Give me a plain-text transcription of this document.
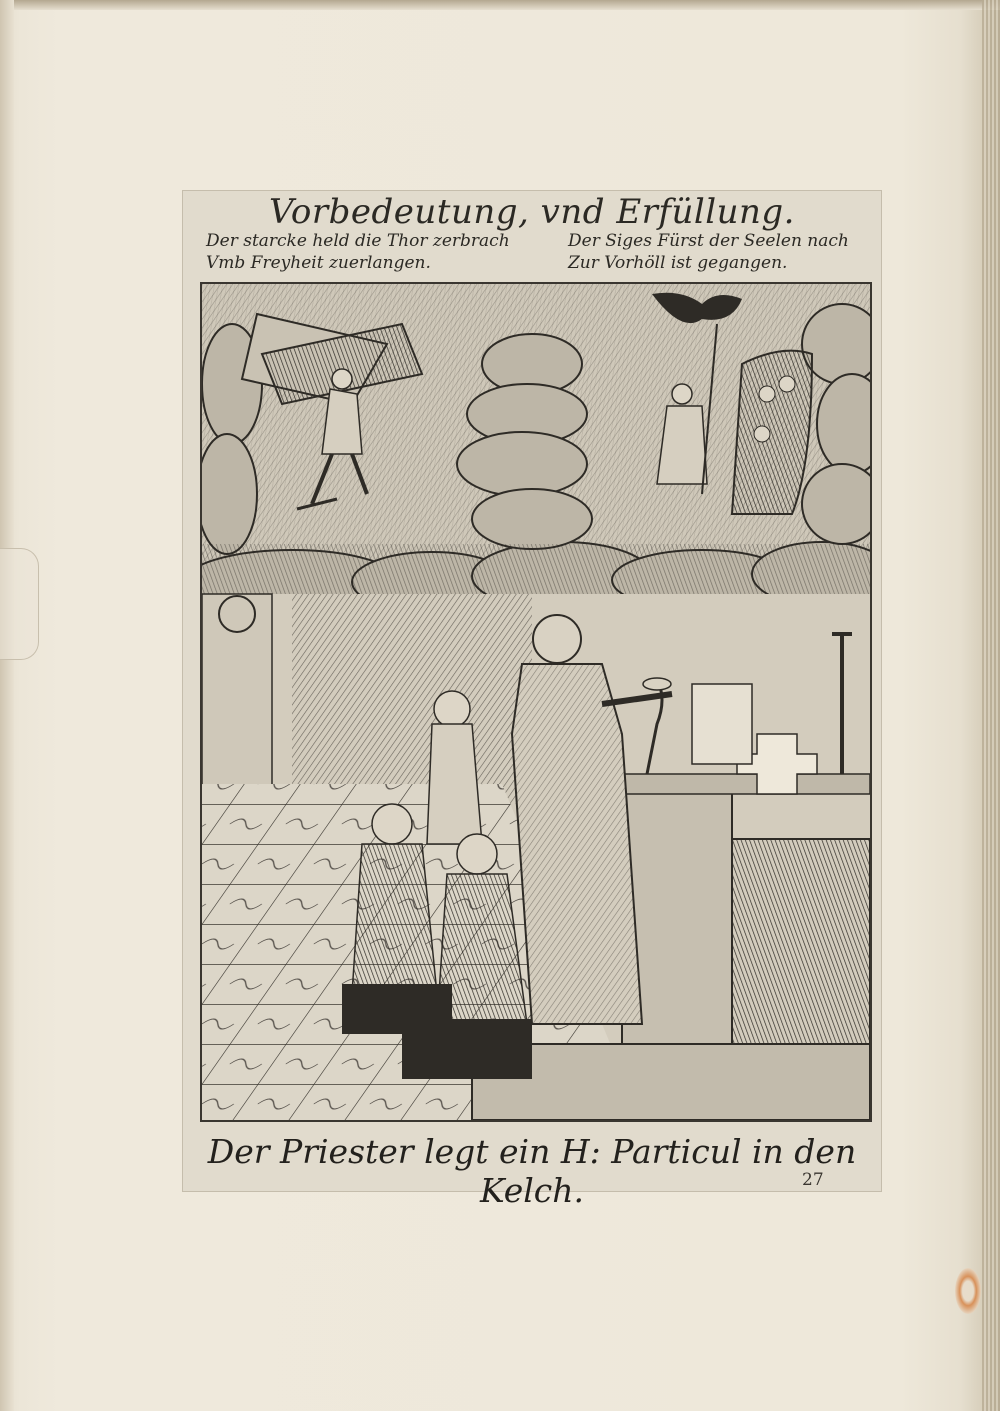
Vorbedeutung, vnd Erfüllung.
Der starcke held die Thor zerbrach
Vmb Freyheit zuerlangen.
Der Siges Fürst der Seelen nach
Zur Vorhöll ist gegangen.
Der Priester legt ein H: Particul in den Kelch.	27
